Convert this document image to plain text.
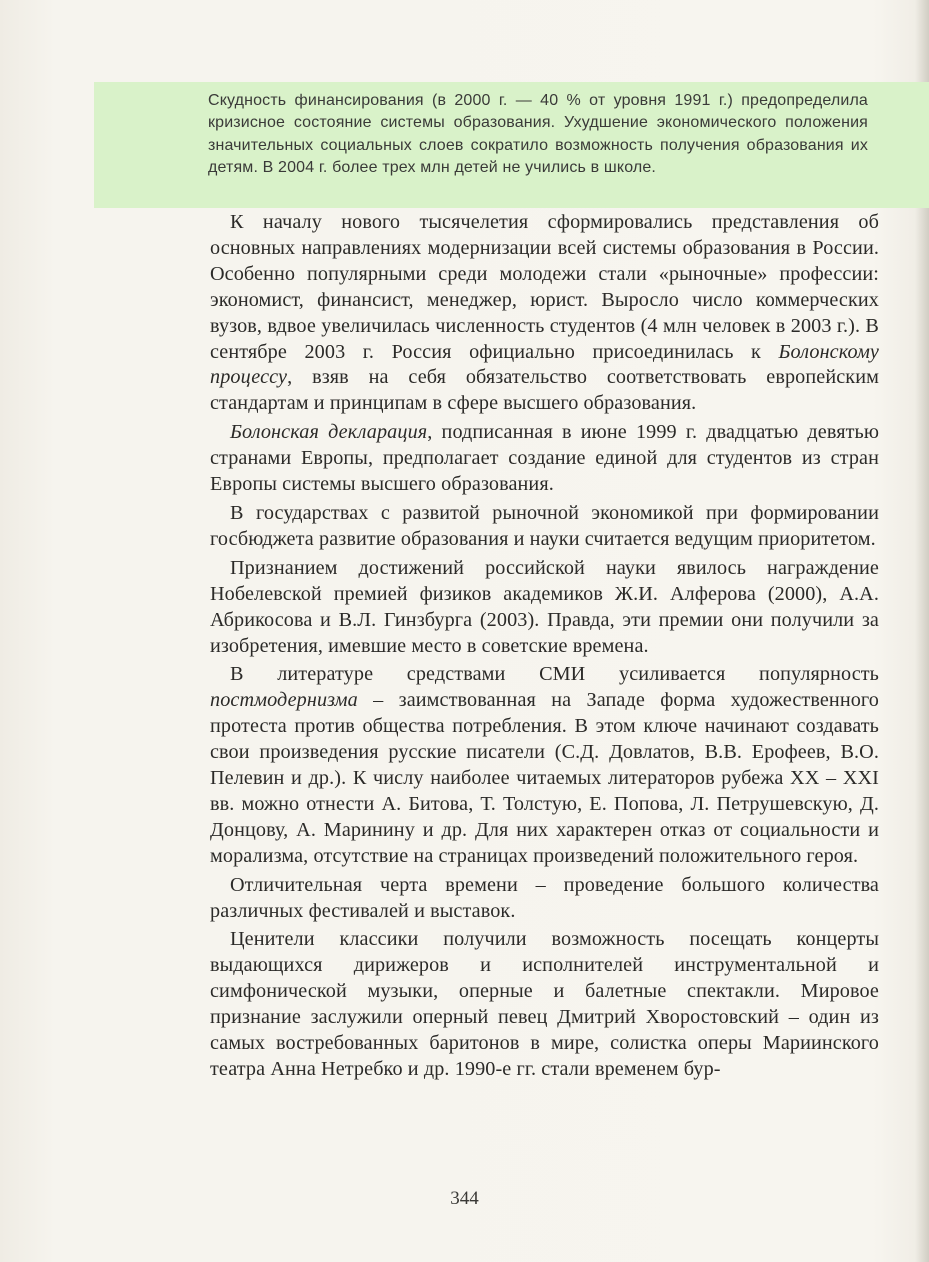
Скудность финансирования (в 2000 г. — 40 % от уровня 1991 г.) предопределила кризисное состояние системы образования. Ухудшение экономического положения значительных социальных слоев сократило возможность получения образования их детям. В 2004 г. более трех млн детей не учились в школе.

К началу нового тысячелетия сформировались представления об основных направлениях модернизации всей системы образования в России. Особенно популярными среди молодежи стали «рыночные» профессии: экономист, финансист, менеджер, юрист. Выросло число коммерческих вузов, вдвое увеличилась численность студентов (4 млн человек в 2003 г.). В сентябре 2003 г. Россия официально присоединилась к Болонскому процессу, взяв на себя обязательство соответствовать европейским стандартам и принципам в сфере высшего образования.

Болонская декларация, подписанная в июне 1999 г. двадцатью девятью странами Европы, предполагает создание единой для студентов из стран Европы системы высшего образования.

В государствах с развитой рыночной экономикой при формировании госбюджета развитие образования и науки считается ведущим приоритетом.

Признанием достижений российской науки явилось награждение Нобелевской премией физиков академиков Ж.И. Алферова (2000), А.А. Абрикосова и В.Л. Гинзбурга (2003). Правда, эти премии они получили за изобретения, имевшие место в советские времена.

В литературе средствами СМИ усиливается популярность постмодернизма – заимствованная на Западе форма художественного протеста против общества потребления. В этом ключе начинают создавать свои произведения русские писатели (С.Д. Довлатов, В.В. Ерофеев, В.О. Пелевин и др.). К числу наиболее читаемых литераторов рубежа XX – XXI вв. можно отнести А. Битова, Т. Толстую, Е. Попова, Л. Петрушевскую, Д. Донцову, А. Маринину и др. Для них характерен отказ от социальности и морализма, отсутствие на страницах произведений положительного героя.

Отличительная черта времени – проведение большого количества различных фестивалей и выставок.

Ценители классики получили возможность посещать концерты выдающихся дирижеров и исполнителей инструментальной и симфонической музыки, оперные и балетные спектакли. Мировое признание заслужили оперный певец Дмитрий Хворостовский – один из самых востребованных баритонов в мире, солистка оперы Мариинского театра Анна Нетребко и др. 1990-е гг. стали временем бур-

344
